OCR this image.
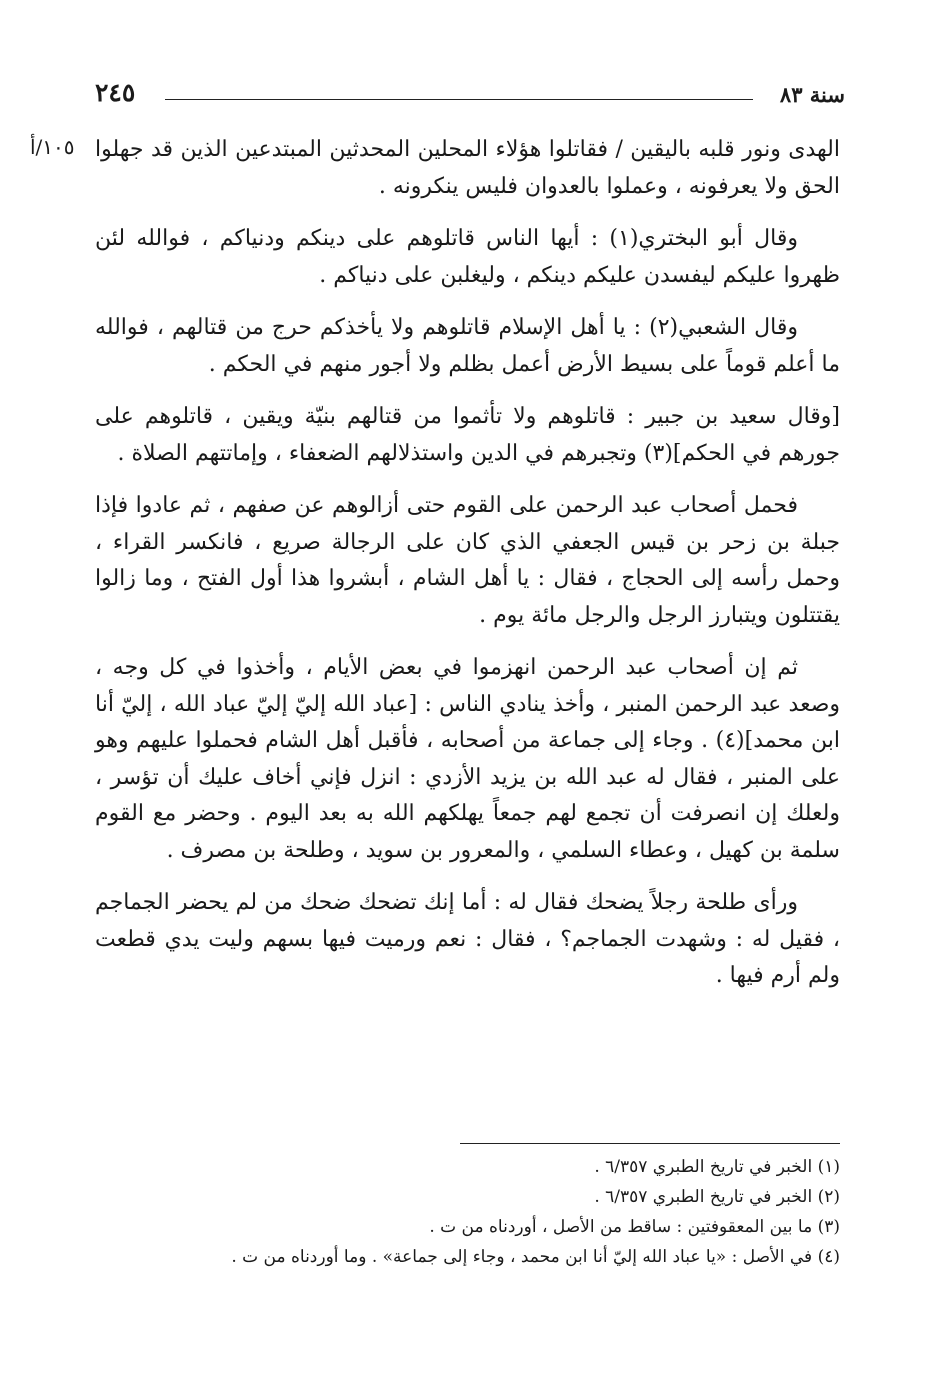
سنة ٨٣
٢٤٥
١٠٥/أ الهدى ونور قلبه باليقين / فقاتلوا هؤلاء المحلين المحدثين المبتدعين الذين قد جهلوا الحق ولا يعرفونه ، وعملوا بالعدوان فليس ينكرونه .

وقال أبو البختري(١) : أيها الناس قاتلوهم على دينكم ودنياكم ، فوالله لئن ظهروا عليكم ليفسدن عليكم دينكم ، وليغلبن على دنياكم .

وقال الشعبي(٢) : يا أهل الإسلام قاتلوهم ولا يأخذكم حرج من قتالهم ، فوالله ما أعلم قوماً على بسيط الأرض أعمل بظلم ولا أجور منهم في الحكم .

[وقال سعيد بن جبير : قاتلوهم ولا تأثموا من قتالهم بنيّة ويقين ، قاتلوهم على جورهم في الحكم](٣) وتجبرهم في الدين واستذلالهم الضعفاء ، وإماتتهم الصلاة .

فحمل أصحاب عبد الرحمن على القوم حتى أزالوهم عن صفهم ، ثم عادوا فإذا جبلة بن زحر بن قيس الجعفي الذي كان على الرجالة صريع ، فانكسر القراء ، وحمل رأسه إلى الحجاج ، فقال : يا أهل الشام ، أبشروا هذا أول الفتح ، وما زالوا يقتتلون ويتبارز الرجل والرجل مائة يوم .

ثم إن أصحاب عبد الرحمن انهزموا في بعض الأيام ، وأخذوا في كل وجه ، وصعد عبد الرحمن المنبر ، وأخذ ينادي الناس : [عباد الله إليّ إليّ عباد الله ، إليّ أنا ابن محمد](٤) . وجاء إلى جماعة من أصحابه ، فأقبل أهل الشام فحملوا عليهم وهو على المنبر ، فقال له عبد الله بن يزيد الأزدي : انزل فإني أخاف عليك أن تؤسر ، ولعلك إن انصرفت أن تجمع لهم جمعاً يهلكهم الله به بعد اليوم . وحضر مع القوم سلمة بن كهيل ، وعطاء السلمي ، والمعرور بن سويد ، وطلحة بن مصرف .

ورأى طلحة رجلاً يضحك فقال له : أما إنك تضحك ضحك من لم يحضر الجماجم ، فقيل له : وشهدت الجماجم؟ ، فقال : نعم ورميت فيها بسهم وليت يدي قطعت ولم أرم فيها .

(١) الخبر في تاريخ الطبري ٦/٣٥٧ .

(٢) الخبر في تاريخ الطبري ٦/٣٥٧ .

(٣) ما بين المعقوفتين : ساقط من الأصل ، أوردناه من ت .

(٤) في الأصل : «يا عباد الله إليّ أنا ابن محمد ، وجاء إلى جماعة» . وما أوردناه من ت .
